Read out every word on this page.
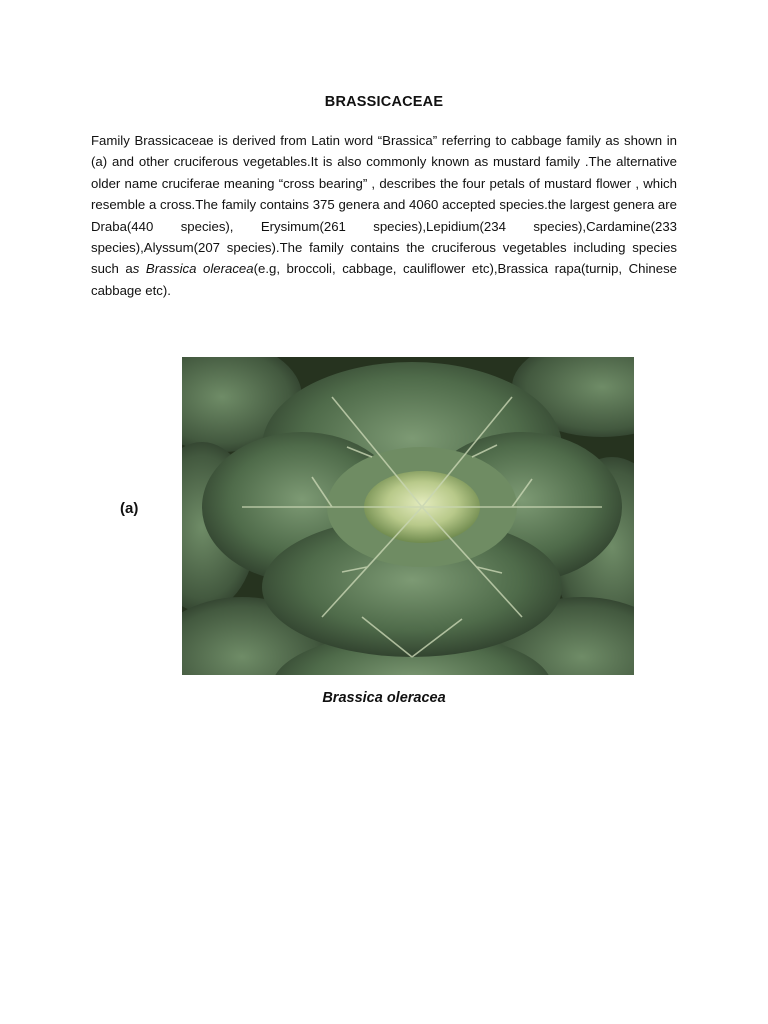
BRASSICACEAE
Family Brassicaceae is derived from Latin word “Brassica” referring to cabbage family as shown in (a) and other cruciferous vegetables.It is also commonly known as mustard family .The alternative older name cruciferae meaning “cross bearing” , describes the four petals of mustard flower , which resemble a cross.The family contains 375 genera and 4060 accepted species.the largest genera are Draba(440 species), Erysimum(261 species),Lepidium(234 species),Cardamine(233 species),Alyssum(207 species).The family contains the cruciferous vegetables including species such as Brassica oleracea(e.g, broccoli, cabbage, cauliflower etc),Brassica rapa(turnip, Chinese cabbage etc).
(a)
Brassica oleracea
